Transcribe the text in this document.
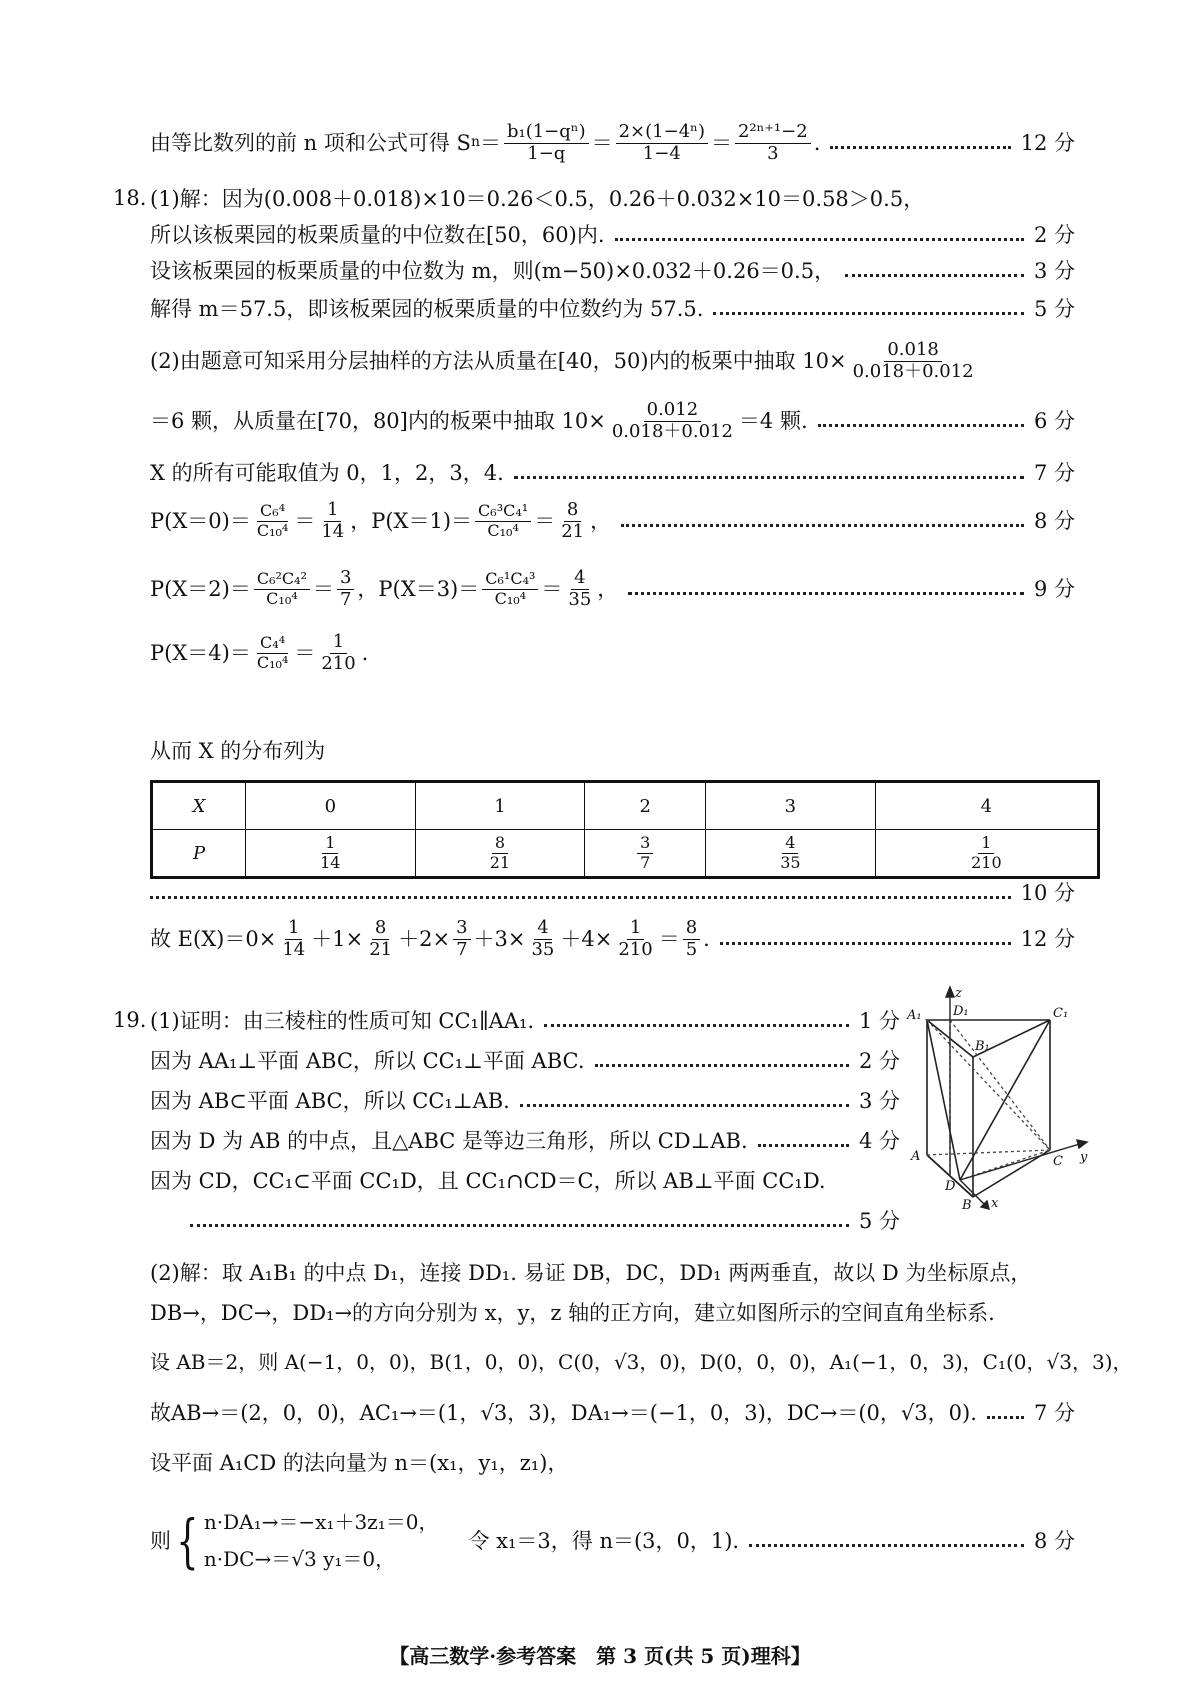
由等比数列的前 n 项和公式可得 S $n = \frac{\text{b₁(1−qⁿ)}}{1-q} = \frac{\text{2×(1−4ⁿ)}}{1-4} = \frac{\text{2²ⁿ⁺¹−2}}{3}$ .	12 分
18. (1)解：因为(0.008＋0.018)×10＝0.26＜0.5，0.26＋0.032×10＝0.58＞0.5，
所以该板栗园的板栗质量的中位数在[50，60)内.	2 分
设该板栗园的板栗质量的中位数为 m，则(m−50)×0.032＋0.26＝0.5，	3 分
解得 m＝57.5，即该板栗园的板栗质量的中位数约为 57.5.	5 分
(2)由题意可知采用分层抽样的方法从质量在[40，50)内的板栗中抽取 $10\times \frac{0.018}{0.018+0.012}$
＝6 颗，从质量在[70，80]内的板栗中抽取 $10\times \frac{0.012}{0.018+0.012} =4$ 颗.	6 分
X 的所有可能取值为 0，1，2，3，4.	7 分
$P(X=0)= \frac{\text{C₆⁴}}{\text{C₁₀⁴}} = \frac{1}{14}$ ，$P(X=1)= \frac{\text{C₆³C₄¹}}{\text{C₁₀⁴}} = \frac{8}{21}$ ，	8 分
$P(X=2)= \frac{\text{C₆²C₄²}}{\text{C₁₀⁴}} = \frac{3}{7}$ ，$P(X=3)= \frac{\text{C₆¹C₄³}}{\text{C₁₀⁴}} = \frac{4}{35}$ ，	9 分
$P(X=4)= \frac{\text{C₄⁴}}{\text{C₁₀⁴}} = \frac{1}{210}$ .
从而 X 的分布列为
X	0	1	2	3	4
P	$\frac{1}{14}$	$\frac{8}{21}$	$\frac{3}{7}$	$\frac{4}{35}$	$\frac{1}{210}$
10 分
故 $E(X)=0\times \frac{1}{14} +1\times \frac{8}{21} +2\times \frac{3}{7} +3\times \frac{4}{35} +4\times \frac{1}{210} = \frac{8}{5}$ .	12 分
19. (1)证明：由三棱柱的性质可知 CC₁∥AA₁.	1 分
因为 AA₁⊥平面 ABC，所以 CC₁⊥平面 ABC.	2 分
因为 AB⊂平面 ABC，所以 CC₁⊥AB.	3 分
因为 D 为 AB 的中点，且△ABC 是等边三角形，所以 CD⊥AB.	4 分
因为 CD，CC₁⊂平面 CC₁D，且 CC₁∩CD＝C，所以 AB⊥平面 CC₁D.
5 分
z
y
x
A₁ D₁
B₁
C₁
A
D
C
B
(2)解：取 A₁B₁ 的中点 D₁，连接 DD₁. 易证 DB，DC，DD₁ 两两垂直，故以 D 为坐标原点，
DB→，DC→，DD₁→的方向分别为 x，y，z 轴的正方向，建立如图所示的空间直角坐标系.
设 AB＝2，则 A(−1，0，0)，B(1，0，0)，C(0，√3，0)，D(0，0，0)，A₁(−1，0，3)，C₁(0，√3，3)，
故AB→＝(2，0，0)，AC₁→＝(1，√3，3)，DA₁→＝(−1，0，3)，DC→＝(0，√3，0).	7 分
设平面 A₁CD 的法向量为 n＝(x₁，y₁，z₁)，
则 { n·DA₁→＝−x₁＋3z₁＝0，
n·DC→＝√3 y₁＝0，
令 x₁＝3，得 n＝(3，0，1).	8 分
【高三数学·参考答案　第 3 页(共 5 页)理科】
